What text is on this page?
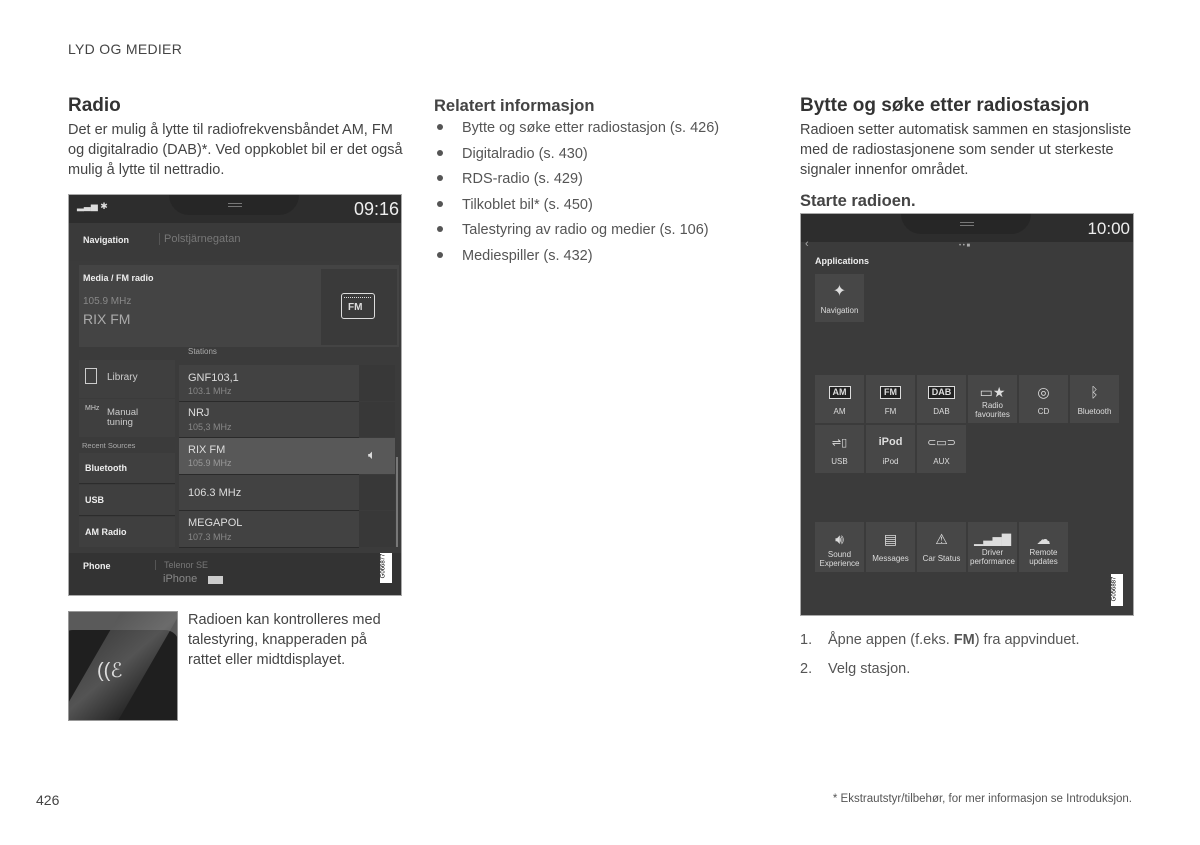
LYD OG MEDIER
Radio

Det er mulig å lytte til radiofrekvensbåndet AM, FM og digitalradio (DAB)*. Ved oppkoblet bil er det også mulig å lytte til nettradio.

▂▃▅ ✱	09:16
Navigation	Polstjärnegatan
Media / FM radio
105.9 MHz
RIX FM
FM
Library
MHz Manual
tuning
Recent Sources
Bluetooth
USB
AM Radio
Stations
GNF103,1
103.1 MHz
NRJ
105,3 MHz
RIX FM
105.9 MHz
106.3 MHz
MEGAPOL
107.3 MHz
🔈︎
Phone	Telenor SE
iPhone
G066877
((ℰ

Radioen kan kontrolleres med talestyring, knapperaden på rattet eller midtdisplayet.

Relatert informasjon
Bytte og søke etter radiostasjon (s. 426)
Digitalradio (s. 430)
RDS-radio (s. 429)
Tilkoblet bil* (s. 450)
Talestyring av radio og medier (s. 106)
Mediespiller (s. 432)
Bytte og søke etter radiostasjon

Radioen setter automatisk sammen en stasjonsliste med de radiostasjonene som sender ut sterkeste signaler innenfor området.

Starte radioen.
10:00
‹	• • ■
Applications
✦
Navigation
AM
AM
FM
FM
DAB
DAB
▭★
Radio favourites
◎
CD
ᛒ
Bluetooth
⇌▯
USB
iPod
iPod
⊂▭⊃
AUX
🔊︎
Sound Experience
▤
Messages
⚠
Car Status
▁▃▅▇
Driver performance
☁
Remote updates
G056887
1. Åpne appen (f.eks. FM) fra appvinduet.
2. Velg stasjon.
426	* Ekstrautstyr/tilbehør, for mer informasjon se Introduksjon.
